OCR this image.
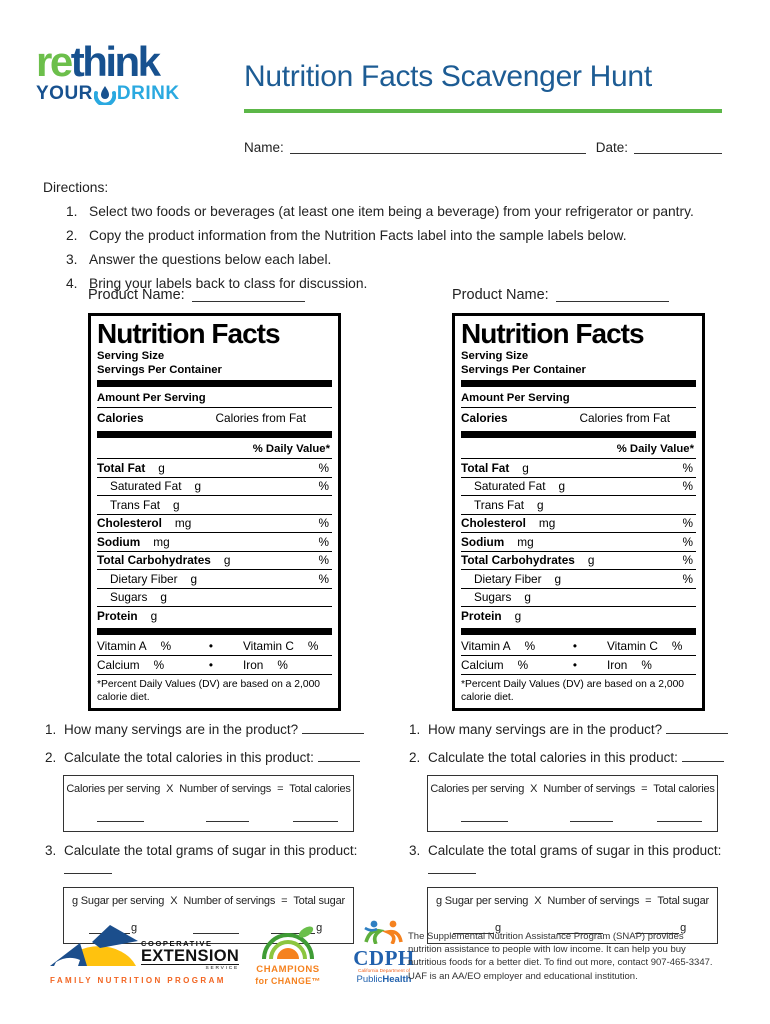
rethink
YOUR DRINK
Nutrition Facts Scavenger Hunt
Name:	Date:
Directions:
1. Select two foods or beverages (at least one item being a beverage) from your refrigerator or pantry.
2. Copy the product information from the Nutrition Facts label into the sample labels below.
3. Answer the questions below each label.
4. Bring your labels back to class for discussion.
Product Name:
Nutrition Facts
Serving Size
Servings Per Container
Amount Per Serving
Calories	Calories from Fat
% Daily Value*
Total Fat g	%
Saturated Fat g	%
Trans Fat g
Cholesterol mg	%
Sodium mg	%
Total Carbohydrates g	%
Dietary Fiber g	%
Sugars g
Protein g
Vitamin A %	•	Vitamin C %
Calcium %	•	Iron %
*Percent Daily Values (DV) are based on a 2,000 calorie diet.
1. How many servings are in the product?
2. Calculate the total calories in this product:
Calories per serving X Number of servings = Total calories
3. Calculate the total grams of sugar in this product:
g Sugar per serving X Number of servings = Total sugar
g	g
Product Name:
Nutrition Facts
Serving Size
Servings Per Container
Amount Per Serving
Calories	Calories from Fat
% Daily Value*
Total Fat g	%
Saturated Fat g	%
Trans Fat g
Cholesterol mg	%
Sodium mg	%
Total Carbohydrates g	%
Dietary Fiber g	%
Sugars g
Protein g
Vitamin A %	•	Vitamin C %
Calcium %	•	Iron %
*Percent Daily Values (DV) are based on a 2,000 calorie diet.
1. How many servings are in the product?
2. Calculate the total calories in this product:
Calories per serving X Number of servings = Total calories
3. Calculate the total grams of sugar in this product:
g Sugar per serving X Number of servings = Total sugar
g	g
COOPERATIVE
EXTENSION
SERVICE
FAMILY NUTRITION PROGRAM
CHAMPIONS
for CHANGE™
CDPH
California Department of
PublicHealth
The Supplemental Nutrition Assistance Program (SNAP) provides nutrition assistance to people with low income. It can help you buy nutritious foods for a better diet. To find out more, contact 907-465-3347. UAF is an AA/EO employer and educational institution.
